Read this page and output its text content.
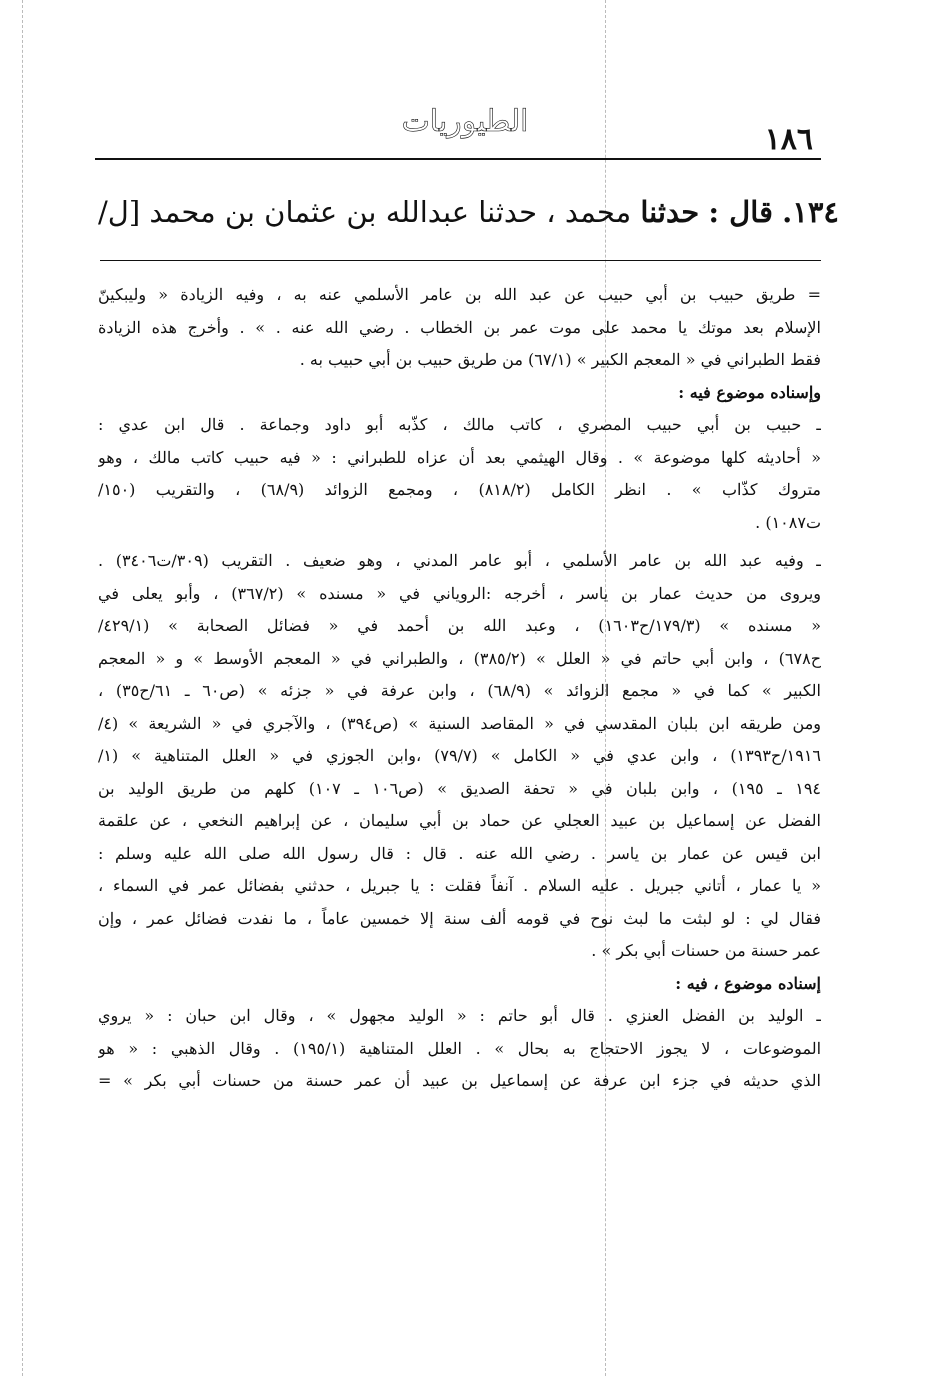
الطيوريات
١٨٦
١٣٤. قال : حدثنا محمد ، حدثنا عبدالله بن عثمان بن محمد [ل/
= طريق حبيب بن أبي حبيب عن عبد الله بن عامر الأسلمي عنه به ، وفيه الزيادة « وليبكينّ
الإسلام بعد موتك يا محمد على موت عمر بن الخطاب . رضي الله عنه . » . وأخرج هذه الزيادة
فقط الطبراني في « المعجم الكبير » (٦٧/١) من طريق حبيب بن أبي حبيب به .
وإسناده موضوع فيه :
ـ حبيب بن أبي حبيب المصري ، كاتب مالك ، كذّبه أبو داود وجماعة . قال ابن عدي :
« أحاديثه كلها موضوعة » . وقال الهيثمي بعد أن عزاه للطبراني : « فيه حبيب كاتب مالك ، وهو
متروك كذّاب » . انظر الكامل (٨١٨/٢) ، ومجمع الزوائد (٦٨/٩) ، والتقريب (١٥٠/
ت١٠٨٧) .
ـ وفيه عبد الله بن عامر الأسلمي ، أبو عامر المدني ، وهو ضعيف . التقريب (٣٠٩/ت٣٤٠٦) .
ويروى من حديث عمار بن ياسر ، أخرجه :الروياني في « مسنده » (٣٦٧/٢) ، وأبو يعلى في
« مسنده » (١٧٩/٣/ح١٦٠٣) ، وعبد الله بن أحمد في « فضائل الصحابة » (٤٢٩/١/
ح٦٧٨) ، وابن أبي حاتم في « العلل » (٣٨٥/٢) ، والطبراني في « المعجم الأوسط » و « المعجم
الكبير » كما في « مجمع الزوائد » (٦٨/٩) ، وابن عرفة في « جزئه » (ص٦٠ ـ ٦١/ح٣٥) ،
ومن طريقه ابن بلبان المقدسي في « المقاصد السنية » (ص٣٩٤) ، والآجري في « الشريعة » (٤/
١٩١٦/ح١٣٩٣) ، وابن عدي في « الكامل » (٧٩/٧) ،وابن الجوزي في « العلل المتناهية » (١/
١٩٤ ـ ١٩٥) ، وابن بلبان في « تحفة الصديق » (ص١٠٦ ـ ١٠٧) كلهم من طريق الوليد بن
الفضل عن إسماعيل بن عبيد العجلي عن حماد بن أبي سليمان ، عن إبراهيم النخعي ، عن علقمة
ابن قيس عن عمار بن ياسر . رضي الله عنه . قال : قال رسول الله صلى الله عليه وسلم :
« يا عمار ، أتاني جبريل . عليه السلام . آنفاً فقلت : يا جبريل ، حدثني بفضائل عمر في السماء ،
فقال لي : لو لبثت ما لبث نوح في قومه ألف سنة إلا خمسين عاماً ، ما نفدت فضائل عمر ، وإن
عمر حسنة من حسنات أبي بكر » .
إسناده موضوع ، فيه :
ـ الوليد بن الفضل العنزي . قال أبو حاتم : « الوليد مجهول » ، وقال ابن حبان : « يروي
الموضوعات ، لا يجوز الاحتجاج به بحال » . العلل المتناهية (١٩٥/١) . وقال الذهبي : « هو
الذي حديثه في جزء ابن عرفة عن إسماعيل بن عبيد أن عمر حسنة من حسنات أبي بكر » =
